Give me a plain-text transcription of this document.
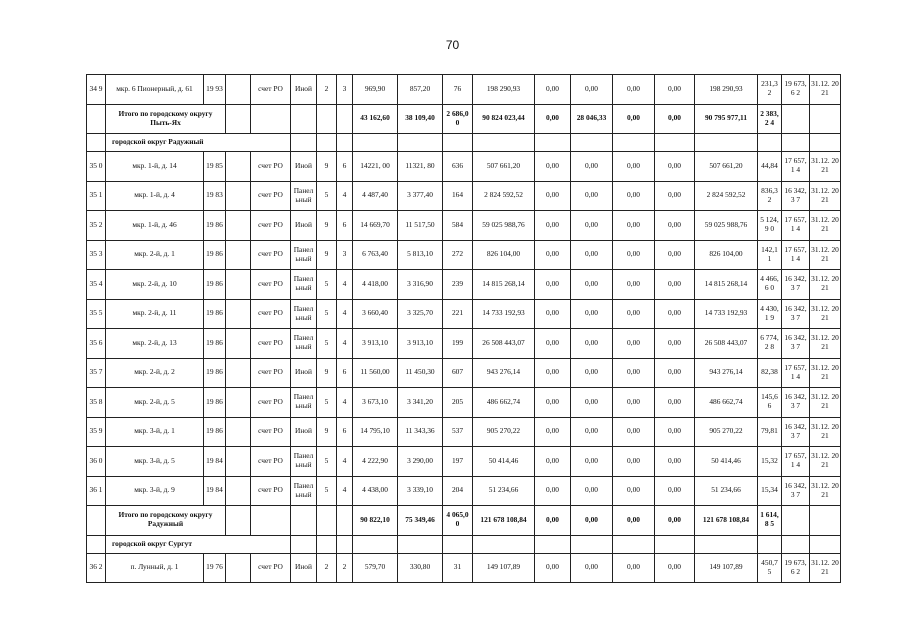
70
34 9	мкр. 6 Пионерный, д. 61	19 93		счет РО	Иной	2	3	969,90	857,20	76	198 290,93	0,00	0,00	0,00	0,00	198 290,93	231,3 2	19 673,6 2	31.12. 2021
	Итого по городскому округу Пыть-Ях							43 162,60	38 109,40	2 686,0 0	90 824 023,44	0,00	28 046,33	0,00	0,00	90 795 977,11	2 383,2 4		
	городской округ Радужный																		
35 0	мкр. 1-й, д. 14	19 85		счет РО	Иной	9	6	14221, 00	11321, 80	636	507 661,20	0,00	0,00	0,00	0,00	507 661,20	44,84	17 657,1 4	31.12. 2021
35 1	мкр. 1-й, д. 4	19 83		счет РО	Панел ьный	5	4	4 487,40	3 377,40	164	2 824 592,52	0,00	0,00	0,00	0,00	2 824 592,52	836,3 2	16 342,3 7	31.12. 2021
35 2	мкр. 1-й, д. 46	19 86		счет РО	Иной	9	6	14 669,70	11 517,50	584	59 025 988,76	0,00	0,00	0,00	0,00	59 025 988,76	5 124,9 0	17 657,1 4	31.12. 2021
35 3	мкр. 2-й, д. 1	19 86		счет РО	Панел ьный	9	3	6 763,40	5 813,10	272	826 104,00	0,00	0,00	0,00	0,00	826 104,00	142,1 1	17 657,1 4	31.12. 2021
35 4	мкр. 2-й, д. 10	19 86		счет РО	Панел ьный	5	4	4 418,00	3 316,90	239	14 815 268,14	0,00	0,00	0,00	0,00	14 815 268,14	4 466,6 0	16 342,3 7	31.12. 2021
35 5	мкр. 2-й, д. 11	19 86		счет РО	Панел ьный	5	4	3 660,40	3 325,70	221	14 733 192,93	0,00	0,00	0,00	0,00	14 733 192,93	4 430,1 9	16 342,3 7	31.12. 2021
35 6	мкр. 2-й, д. 13	19 86		счет РО	Панел ьный	5	4	3 913,10	3 913,10	199	26 508 443,07	0,00	0,00	0,00	0,00	26 508 443,07	6 774,2 8	16 342,3 7	31.12. 2021
35 7	мкр. 2-й, д. 2	19 86		счет РО	Иной	9	6	11 560,00	11 450,30	607	943 276,14	0,00	0,00	0,00	0,00	943 276,14	82,38	17 657,1 4	31.12. 2021
35 8	мкр. 2-й, д. 5	19 86		счет РО	Панел ьный	5	4	3 673,10	3 341,20	205	486 662,74	0,00	0,00	0,00	0,00	486 662,74	145,6 6	16 342,3 7	31.12. 2021
35 9	мкр. 3-й, д. 1	19 86		счет РО	Иной	9	6	14 795,10	11 343,36	537	905 270,22	0,00	0,00	0,00	0,00	905 270,22	79,81	16 342,3 7	31.12. 2021
36 0	мкр. 3-й, д. 5	19 84		счет РО	Панел ьный	5	4	4 222,90	3 290,00	197	50 414,46	0,00	0,00	0,00	0,00	50 414,46	15,32	17 657,1 4	31.12. 2021
36 1	мкр. 3-й, д. 9	19 84		счет РО	Панел ьный	5	4	4 438,00	3 339,10	204	51 234,66	0,00	0,00	0,00	0,00	51 234,66	15,34	16 342,3 7	31.12. 2021
	Итого по городскому округу Радужный							90 822,10	75 349,46	4 065,0 0	121 678 108,84	0,00	0,00	0,00	0,00	121 678 108,84	1 614,8 5		
	городской округ Сургут																		
36 2	п. Лунный, д. 1	19 76		счет РО	Иной	2	2	579,70	330,80	31	149 107,89	0,00	0,00	0,00	0,00	149 107,89	450,7 5	19 673,6 2	31.12. 2021
